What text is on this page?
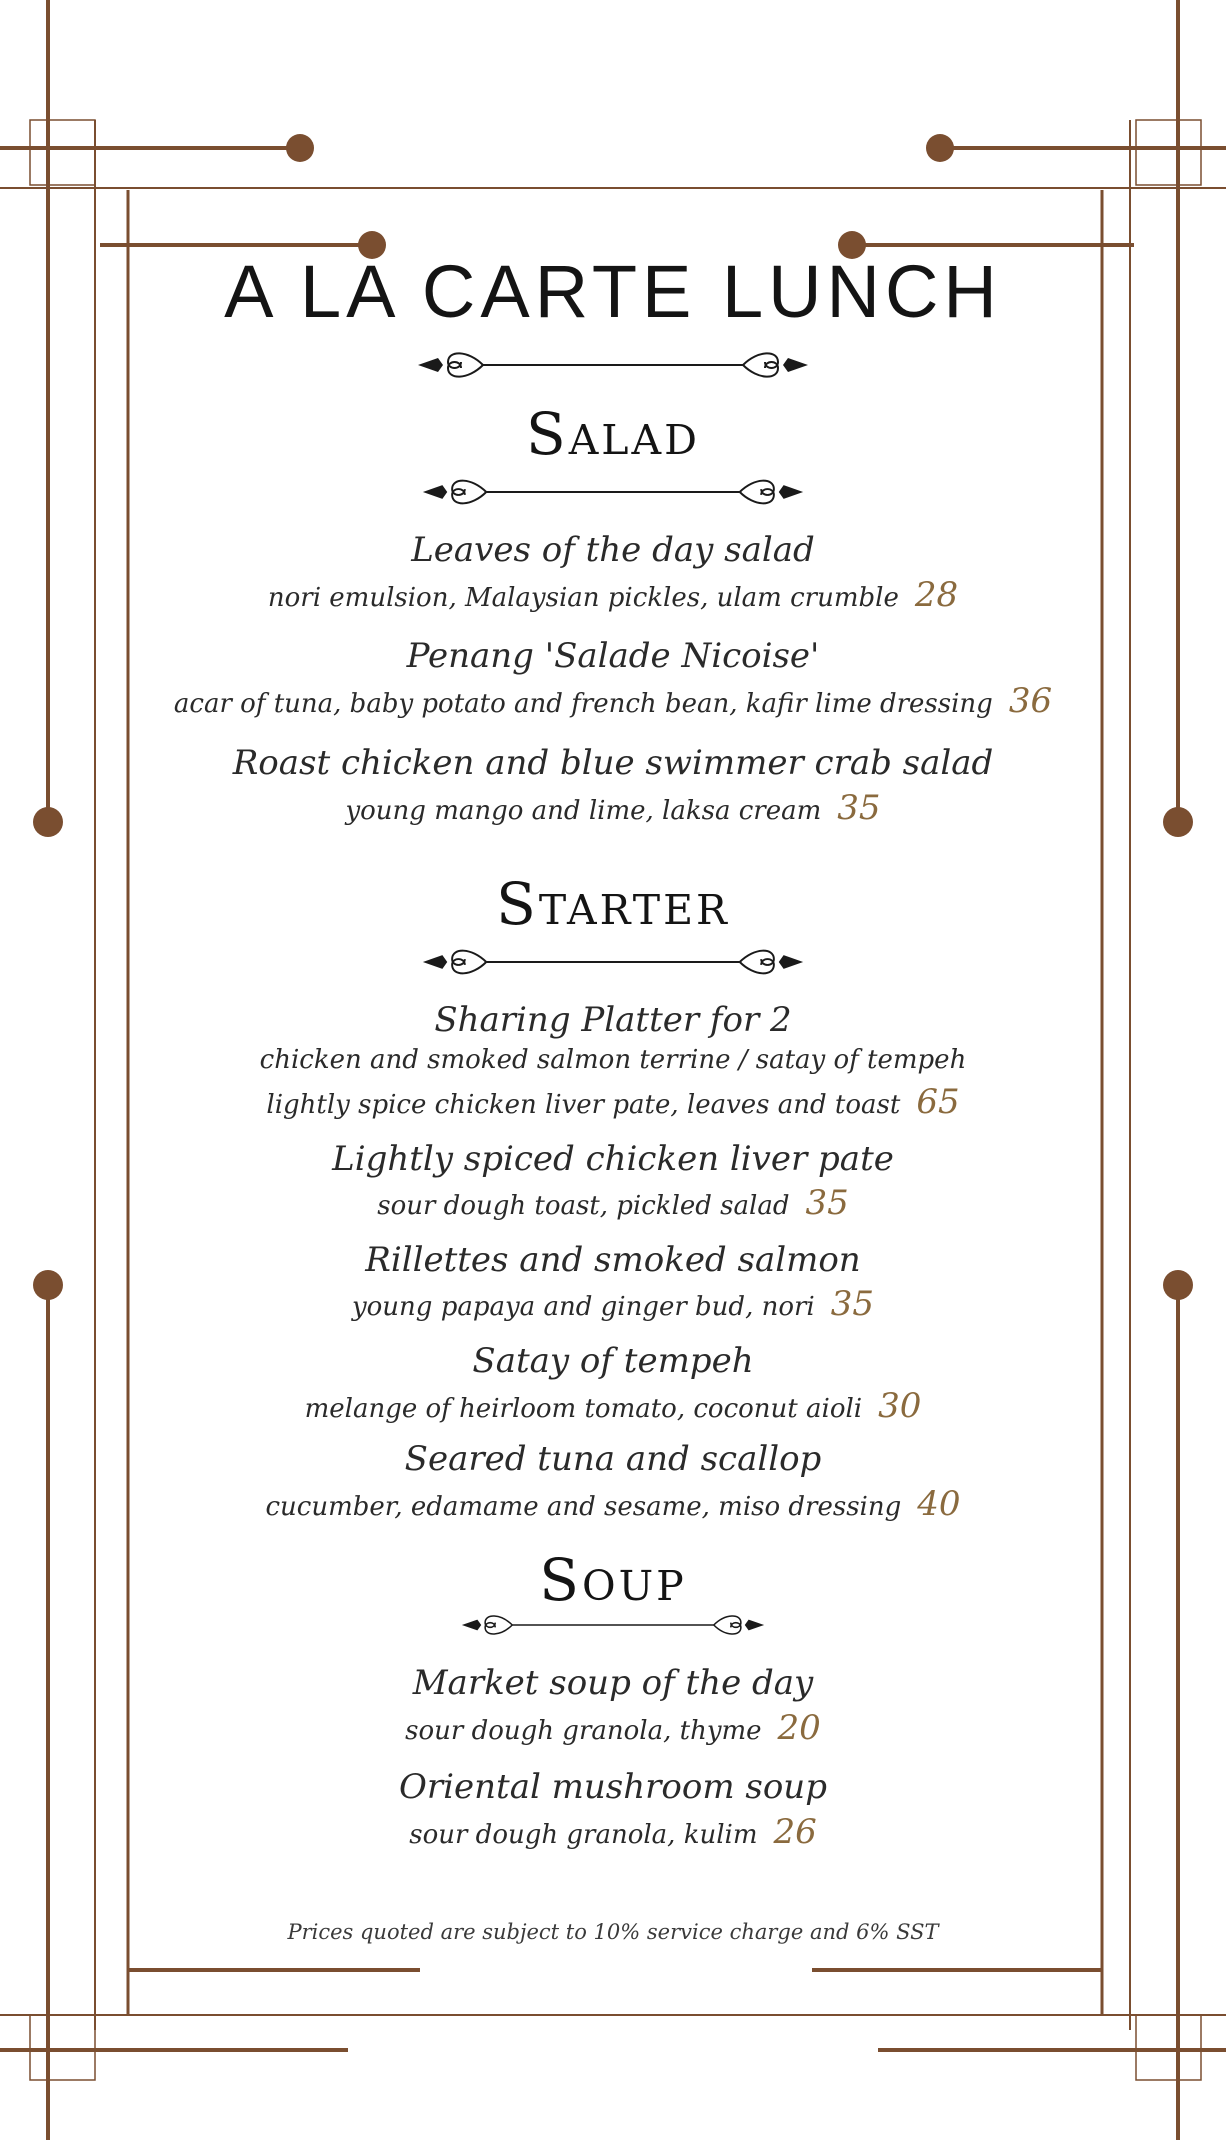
A LA CARTE LUNCH
Salad
Leaves of the day salad
nori emulsion, Malaysian pickles, ulam crumble 28
Penang 'Salade Nicoise'
acar of tuna, baby potato and french bean, kafir lime dressing 36
Roast chicken and blue swimmer crab salad
young mango and lime, laksa cream 35
Starter
Sharing Platter for 2
chicken and smoked salmon terrine / satay of tempeh
lightly spice chicken liver pate, leaves and toast 65
Lightly spiced chicken liver pate
sour dough toast, pickled salad 35
Rillettes and smoked salmon
young papaya and ginger bud, nori 35
Satay of tempeh
melange of heirloom tomato, coconut aioli 30
Seared tuna and scallop
cucumber, edamame and sesame, miso dressing 40
Soup
Market soup of the day
sour dough granola, thyme 20
Oriental mushroom soup
sour dough granola, kulim 26
Prices quoted are subject to 10% service charge and 6% SST
